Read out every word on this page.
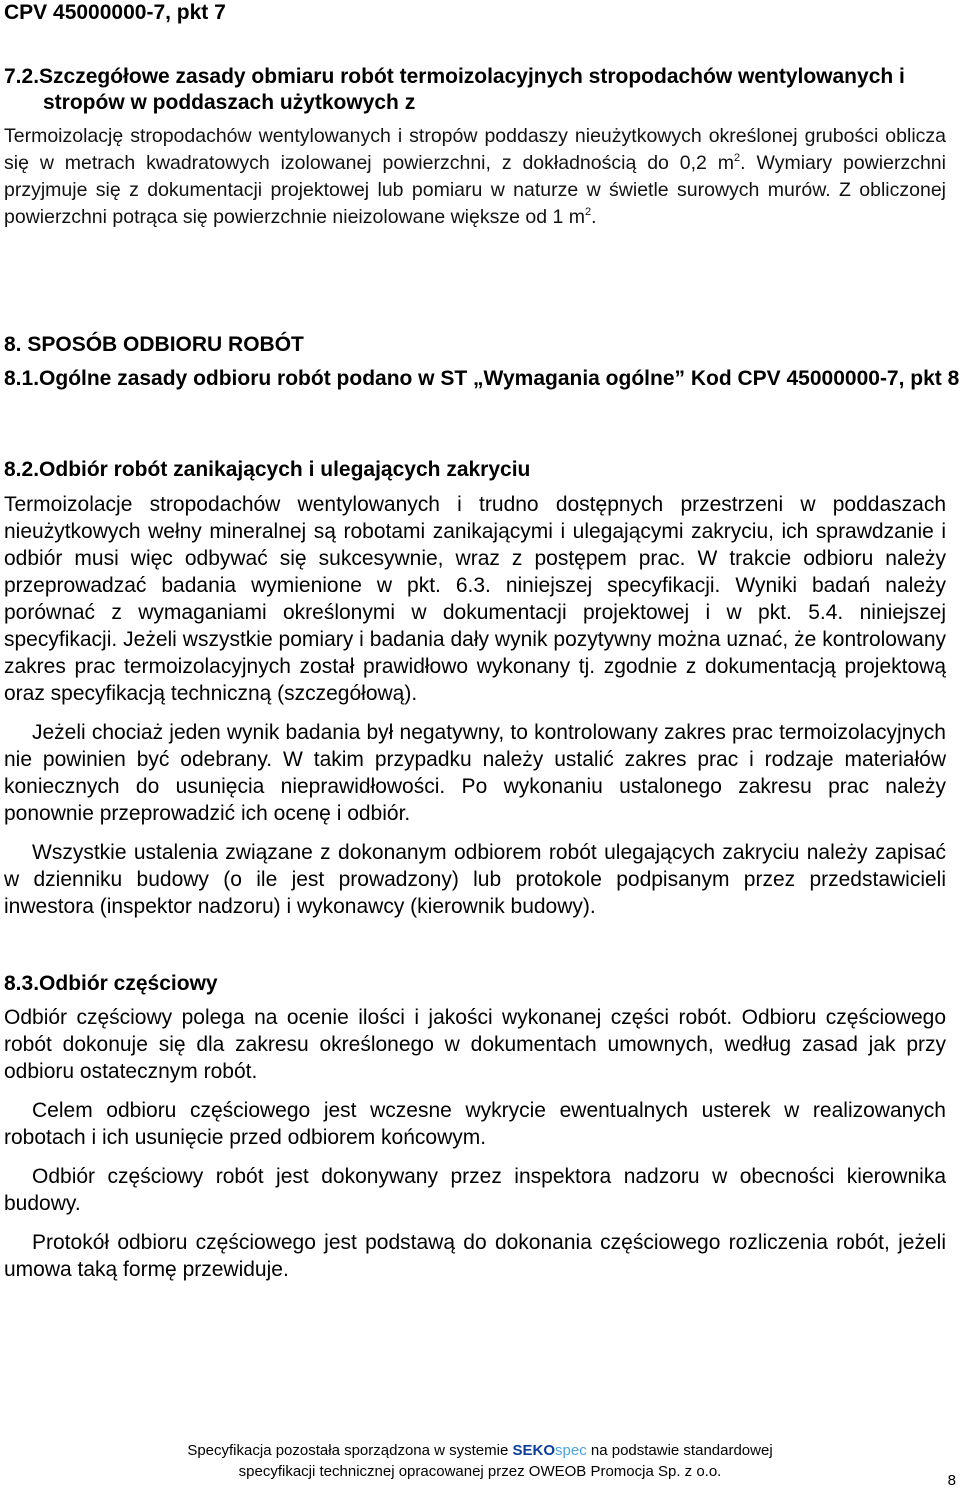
CPV 45000000-7, pkt 7
7.2.Szczegółowe zasady obmiaru robót termoizolacyjnych stropodachów wentylowanych i stropów w poddaszach użytkowych z
Termoizolację stropodachów wentylowanych i stropów poddaszy nieużytkowych określonej grubości oblicza się w metrach kwadratowych izolowanej powierzchni, z dokładnością do 0,2 $m^2$. Wymiary powierzchni przyjmuje się z dokumentacji projektowej lub pomiaru w naturze w świetle surowych murów. Z obliczonej powierzchni potrąca się powierzchnie nieizolowane większe od 1 $m^2$.
8. SPOSÓB ODBIORU ROBÓT
8.1.Ogólne zasady odbioru robót podano w ST „Wymagania ogólne” Kod CPV 45000000-7, pkt 8
8.2.Odbiór robót zanikających i ulegających zakryciu
Termoizolacje stropodachów wentylowanych i trudno dostępnych przestrzeni w poddaszach nieużytkowych wełny mineralnej są robotami zanikającymi i ulegającymi zakryciu, ich sprawdzanie i odbiór musi więc odbywać się sukcesywnie, wraz z postępem prac. W trakcie odbioru należy przeprowadzać badania wymienione w pkt. 6.3. niniejszej specyfikacji. Wyniki badań należy porównać z wymaganiami określonymi w dokumentacji projektowej i w pkt. 5.4. niniejszej specyfikacji. Jeżeli wszystkie pomiary i badania dały wynik pozytywny można uznać, że kontrolowany zakres prac termoizolacyjnych został prawidłowo wykonany tj. zgodnie z dokumentacją projektową oraz specyfikacją techniczną (szczegółową).
Jeżeli chociaż jeden wynik badania był negatywny, to kontrolowany zakres prac termoizolacyjnych nie powinien być odebrany. W takim przypadku należy ustalić zakres prac i rodzaje materiałów koniecznych do usunięcia nieprawidłowości. Po wykonaniu ustalonego zakresu prac należy ponownie przeprowadzić ich ocenę i odbiór.
Wszystkie ustalenia związane z dokonanym odbiorem robót ulegających zakryciu należy zapisać w dzienniku budowy (o ile jest prowadzony) lub protokole podpisanym przez przedstawicieli inwestora (inspektor nadzoru) i wykonawcy (kierownik budowy).
8.3.Odbiór częściowy
Odbiór częściowy polega na ocenie ilości i jakości wykonanej części robót. Odbioru częściowego robót dokonuje się dla zakresu określonego w dokumentach umownych, według zasad jak przy odbioru ostatecznym robót.
Celem odbioru częściowego jest wczesne wykrycie ewentualnych usterek w realizowanych robotach i ich usunięcie przed odbiorem końcowym.
Odbiór częściowy robót jest dokonywany przez inspektora nadzoru w obecności kierownika budowy.
Protokół odbioru częściowego jest podstawą do dokonania częściowego rozliczenia robót, jeżeli umowa taką formę przewiduje.
Specyfikacja pozostała sporządzona w systemie SEKOspec na podstawie standardowej
specyfikacji technicznej opracowanej przez OWEOB Promocja Sp. z o.o.
8
